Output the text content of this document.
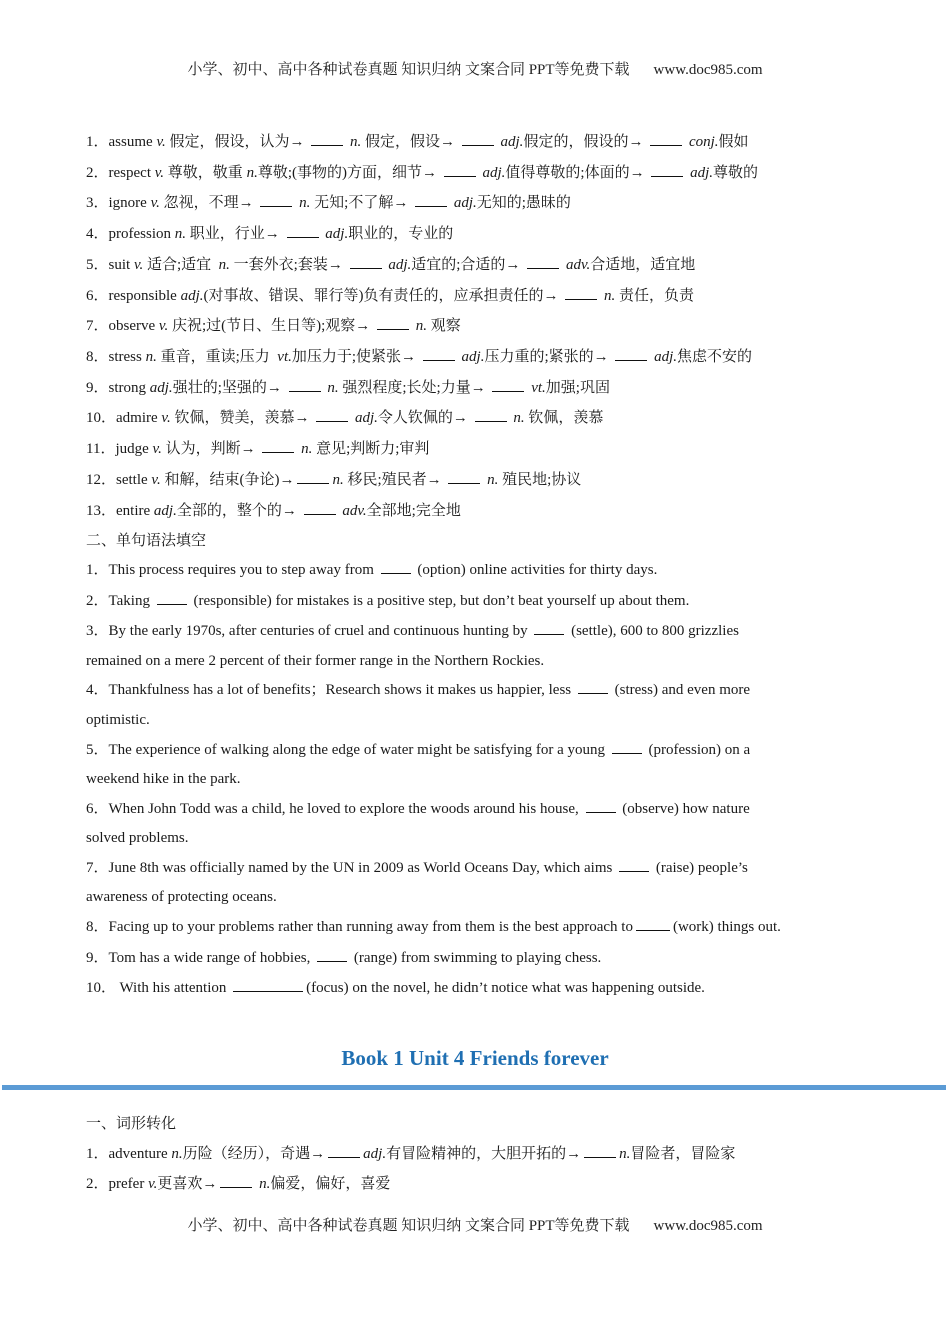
小学、初中、高中各种试卷真题 知识归纳 文案合同 PPT等免费下载 www.doc985.com
1．assume v. 假定，假设，认为→	n. 假定，假设→	adj.假定的，假设的→	conj.假如
2．respect v. 尊敬，敬重 n.尊敬;(事物的)方面，细节→	adj.值得尊敬的;体面的→	adj.尊敬的
3．ignore v. 忽视，不理→	n. 无知;不了解→	adj.无知的;愚昧的
4．profession n. 职业，行业→	adj.职业的，专业的
5．suit v. 适合;适宜  n. 一套外衣;套装→	adj.适宜的;合适的→	adv.合适地，适宜地
6．responsible adj.(对事故、错误、罪行等)负有责任的，应承担责任的→	n. 责任，负责
7．observe v. 庆祝;过(节日、生日等);观察→	n. 观察
8．stress n. 重音，重读;压力  vt.加压力于;使紧张→	adj.压力重的;紧张的→	adj.焦虑不安的
9．strong adj.强壮的;坚强的→	n. 强烈程度;长处;力量→	vt.加强;巩固
10．admire v. 钦佩，赞美，羡慕→	adj.令人钦佩的→	n. 钦佩，羡慕
11．judge v. 认为，判断→	n. 意见;判断力;审判
12．settle v. 和解，结束(争论)→	n. 移民;殖民者→	n. 殖民地;协议
13．entire adj.全部的，整个的→	adv.全部地;完全地
二、单句语法填空
1．This process requires you to step away from  (option) online activities for thirty days.
2．Taking  (responsible) for mistakes is a positive step, but don’t beat yourself up about them.
3．By the early 1970s, after centuries of cruel and continuous hunting by  (settle), 600 to 800 grizzlies
remained on a mere 2 percent of their former range in the Northern Rockies.
4．Thankfulness has a lot of benefits；Research shows it makes us happier, less  (stress) and even more
optimistic.
5．The experience of walking along the edge of water might be satisfying for a young  (profession) on a
weekend hike in the park.
6．When John Todd was a child, he loved to explore the woods around his house,  (observe) how nature
solved problems.
7．June 8th was officially named by the UN in 2009 as World Oceans Day, which aims  (raise) people’s
awareness of protecting oceans.
8．Facing up to your problems rather than running away from them is the best approach to	(work) things out.
9．Tom has a wide range of hobbies,  (range) from swimming to playing chess.
10． With his attention	(focus) on the novel, he didn’t notice what was happening outside.
Book 1 Unit 4 Friends forever
一、词形转化
1．adventure n.历险（经历），奇遇→	adj.有冒险精神的，大胆开拓的→	n.冒险者，冒险家
2．prefer v.更喜欢→	n.偏爱，偏好，喜爱
小学、初中、高中各种试卷真题 知识归纳 文案合同 PPT等免费下载 www.doc985.com
